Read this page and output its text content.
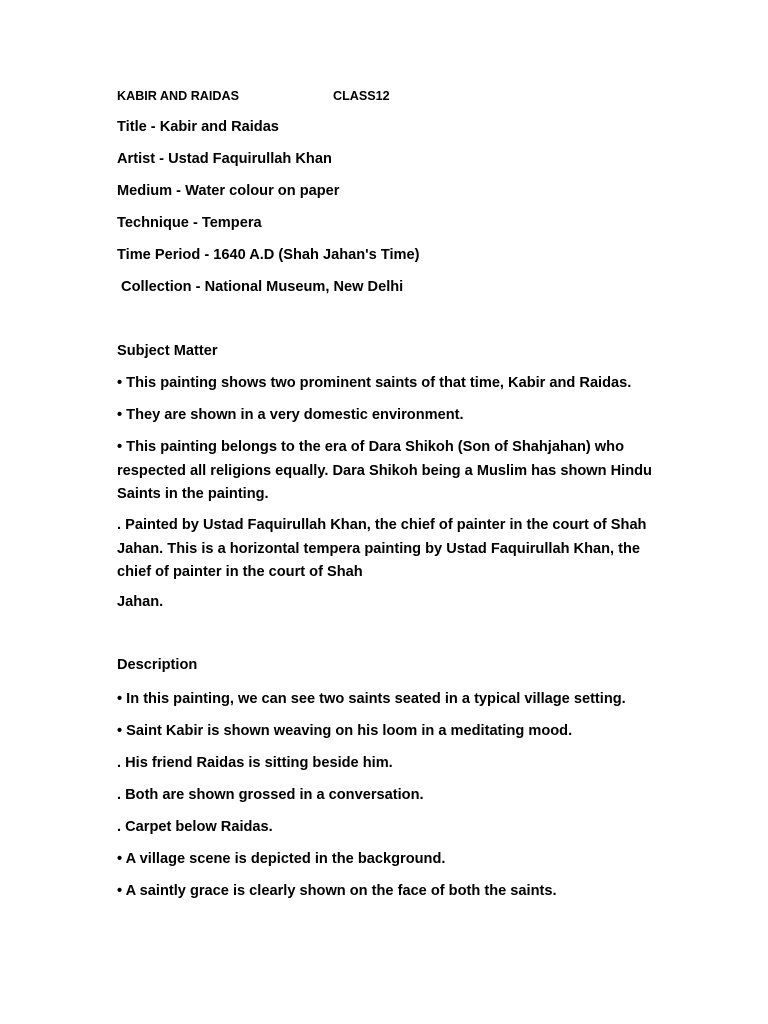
KABIR AND RAIDAS	CLASS12
Title - Kabir and Raidas
Artist - Ustad Faquirullah Khan
Medium - Water colour on paper
Technique - Tempera
Time Period - 1640 A.D (Shah Jahan's Time)
Collection - National Museum, New Delhi
Subject Matter
• This painting shows two prominent saints of that time, Kabir and Raidas.
• They are shown in a very domestic environment.
• This painting belongs to the era of Dara Shikoh (Son of Shahjahan) who respected all religions equally. Dara Shikoh being a Muslim has shown Hindu Saints in the painting.
. Painted by Ustad Faquirullah Khan, the chief of painter in the court of Shah Jahan. This is a horizontal tempera painting by Ustad Faquirullah Khan, the chief of painter in the court of Shah
Jahan.
Description
• In this painting, we can see two saints seated in a typical village setting.
• Saint Kabir is shown weaving on his loom in a meditating mood.
. His friend Raidas is sitting beside him.
. Both are shown grossed in a conversation.
. Carpet below Raidas.
• A village scene is depicted in the background.
• A saintly grace is clearly shown on the face of both the saints.
